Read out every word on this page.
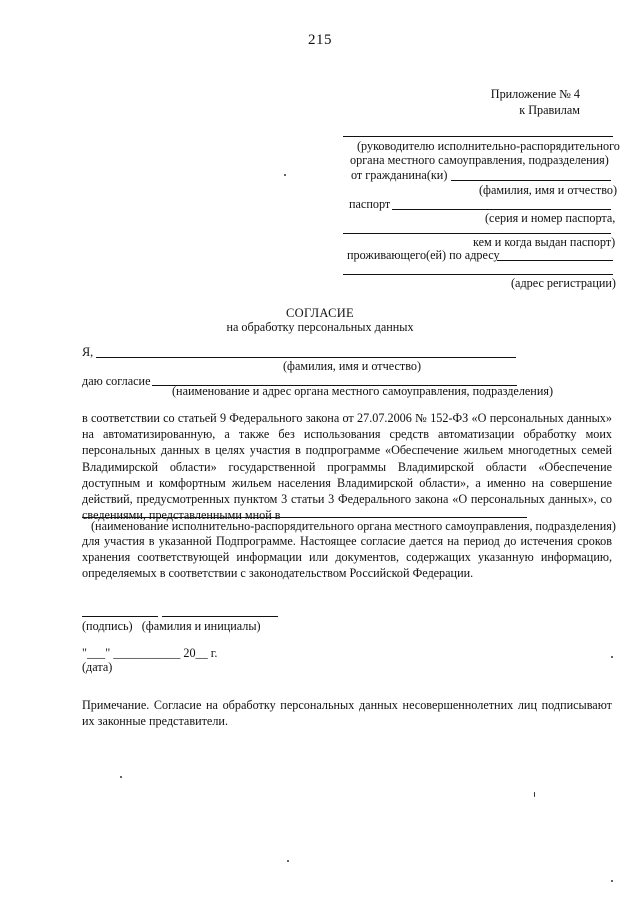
215
Приложение № 4
к Правилам
(руководителю исполнительно-распорядительного
органа местного самоуправления, подразделения)
от гражданина(ки)
(фамилия, имя и отчество)
паспорт
(серия и номер паспорта,
кем и когда выдан паспорт)
проживающего(ей) по адресу
(адрес регистрации)
СОГЛАСИЕ
на обработку персональных данных
Я,
(фамилия, имя и отчество)
даю согласие
(наименование и адрес органа местного самоуправления, подразделения)
в соответствии со статьей 9 Федерального закона от 27.07.2006 № 152-ФЗ «О персональных данных» на автоматизированную, а также без использования средств автоматизации обработку моих персональных данных в целях участия в подпрограмме «Обеспечение жильем многодетных семей Владимирской области» государственной программы Владимирской области «Обеспечение доступным и комфортным жильем населения Владимирской области», а именно на совершение действий, предусмотренных пунктом 3 статьи 3 Федерального закона «О персональных данных», со сведениями, представленными мной в
(наименование исполнительно-распорядительного органа местного самоуправления, подразделения)
для участия в указанной Подпрограмме. Настоящее согласие дается на период до истечения сроков хранения соответствующей информации или документов, содержащих указанную информацию, определяемых в соответствии с законодательством Российской Федерации.
(подпись)   (фамилия и инициалы)
"___" ___________ 20__ г.
(дата)
Примечание. Согласие на обработку персональных данных несовершеннолетних лиц подписывают их законные представители.
